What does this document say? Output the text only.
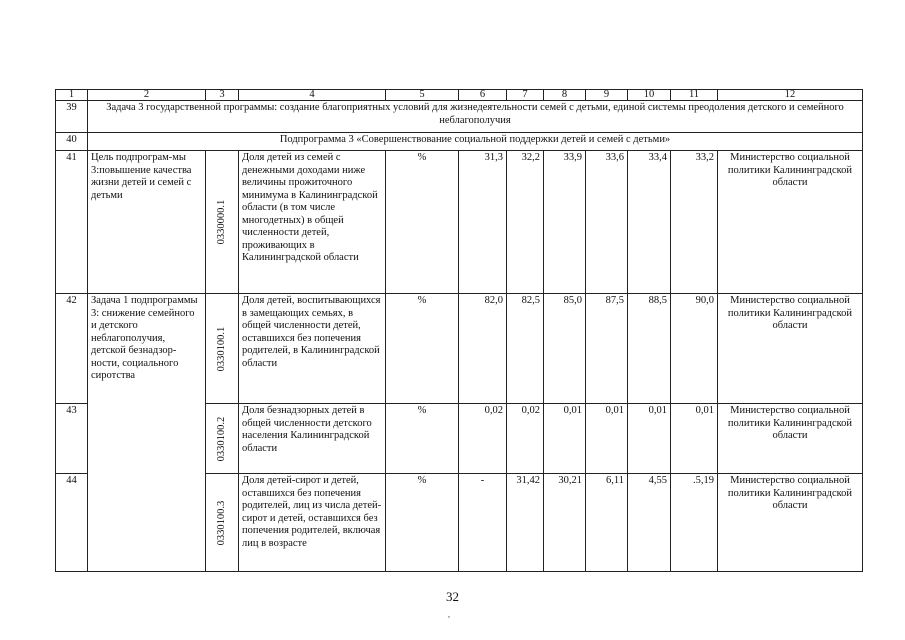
1	2	3	4	5	6	7	8	9	10	11	12
39	Задача 3 государственной программы: создание благоприятных условий для жизнедеятельности семей с детьми, единой системы преодоления детского и семейного неблагополучия										
40	Подпрограмма 3 «Совершенствование социальной поддержки детей и семей с детьми»										
41	Цель подпрограм-мы 3:повышение качества жизни детей и семей с детьми	0330000.1	Доля детей из семей с денежными доходами ниже величины прожиточного минимума в Калининградской области (в том числе многодетных) в общей численности детей, проживающих в Калининградской области	%	31,3	32,2	33,9	33,6	33,4	33,2	Министерство социальной политики Калининградской области
42	Задача 1 подпрограммы 3: снижение семейного и детского неблагополучия, детской безнадзор-ности, социального сиротства	0330100.1	Доля детей, воспитывающихся в замещающих семьях, в общей численности детей, оставшихся без попечения родителей, в Калининградской области	%	82,0	82,5	85,0	87,5	88,5	90,0	Министерство социальной политики Калининградской области
43		0330100.2	Доля безнадзорных детей в общей численности детского населения Калининградской области	%	0,02	0,02	0,01	0,01	0,01	0,01	Министерство социальной политики Калининградской области
44		0330100.3	Доля детей-сирот и детей, оставшихся без попечения родителей, лиц из числа детей-сирот и детей, оставшихся без попечения родителей, включая лиц в возрасте	%	-	31,42	30,21	6,11	4,55	.5,19	Министерство социальной политики Калининградской области
32
,
